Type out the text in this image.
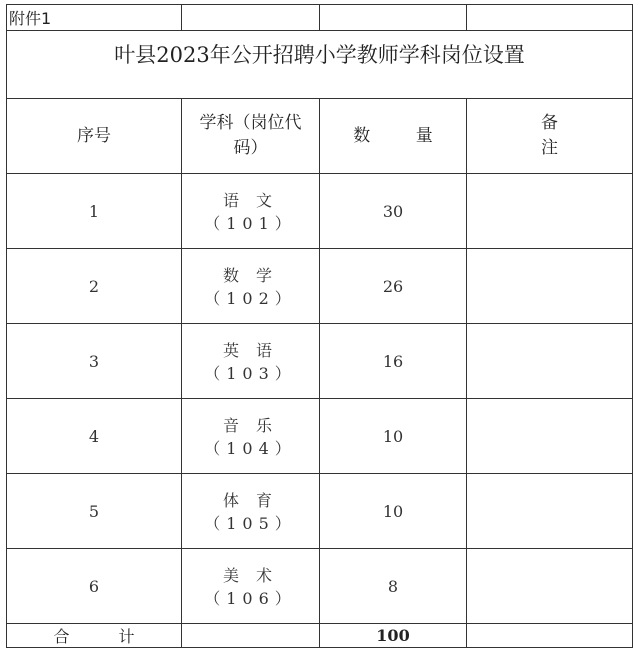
附件1			
叶县2023年公开招聘小学教师学科岗位设置			
序号	学科（岗位代码）	数 量	备 注
1	语 文（101）	30	
2	数 学（102）	26	
3	英 语（103）	16	
4	音 乐（104）	10	
5	体 育（105）	10	
6	美 术（106）	8	
合 计		100	
